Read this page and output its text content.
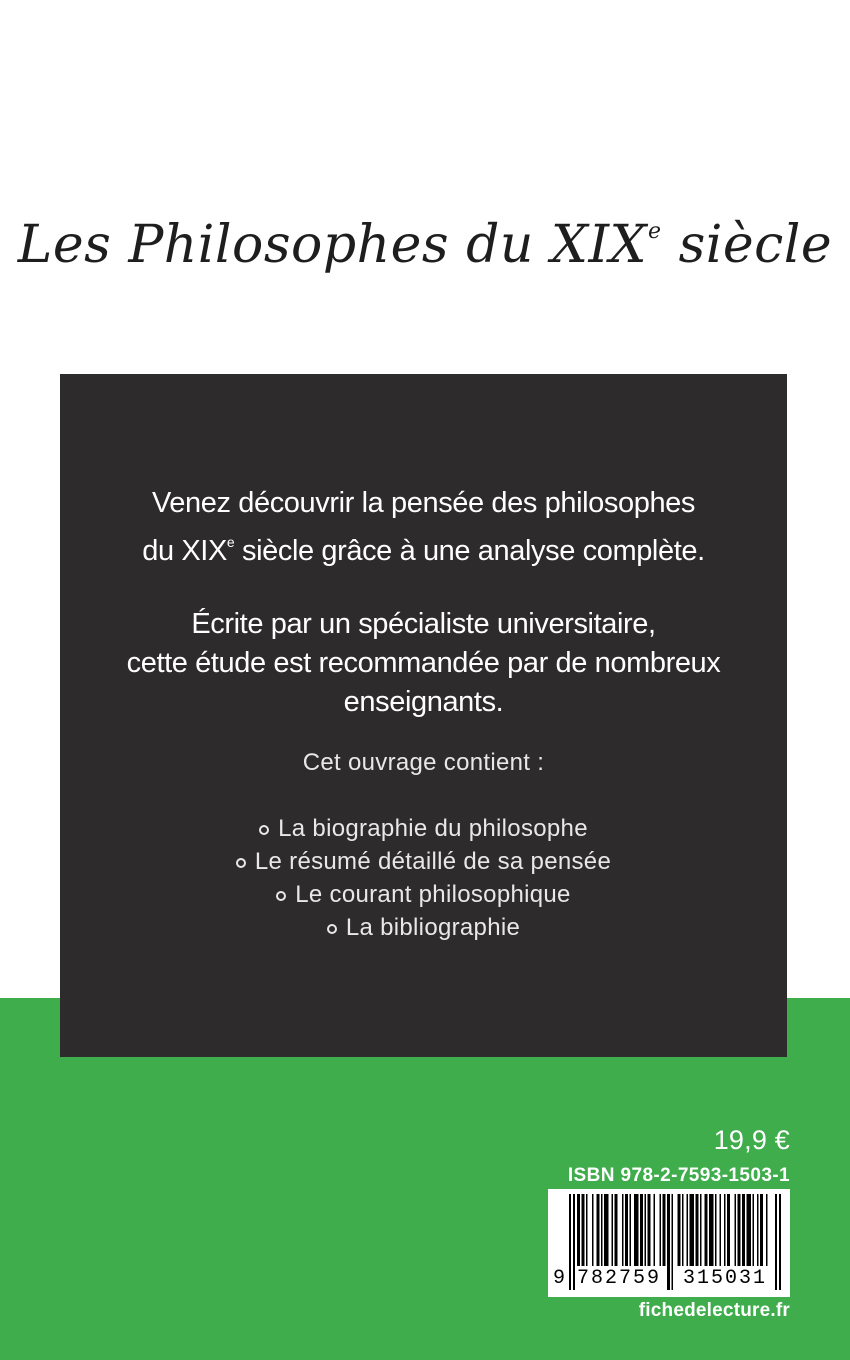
Les Philosophes du XIXe siècle
Venez découvrir la pensée des philosophes
du XIXe siècle grâce à une analyse complète.
Écrite par un spécialiste universitaire,
cette étude est recommandée par de nombreux
enseignants.
Cet ouvrage contient :
La biographie du philosophe
Le résumé détaillé de sa pensée
Le courant philosophique
La bibliographie
19,9 €
ISBN 978-2-7593-1503-1
9 782759 315031
fichedelecture.fr
